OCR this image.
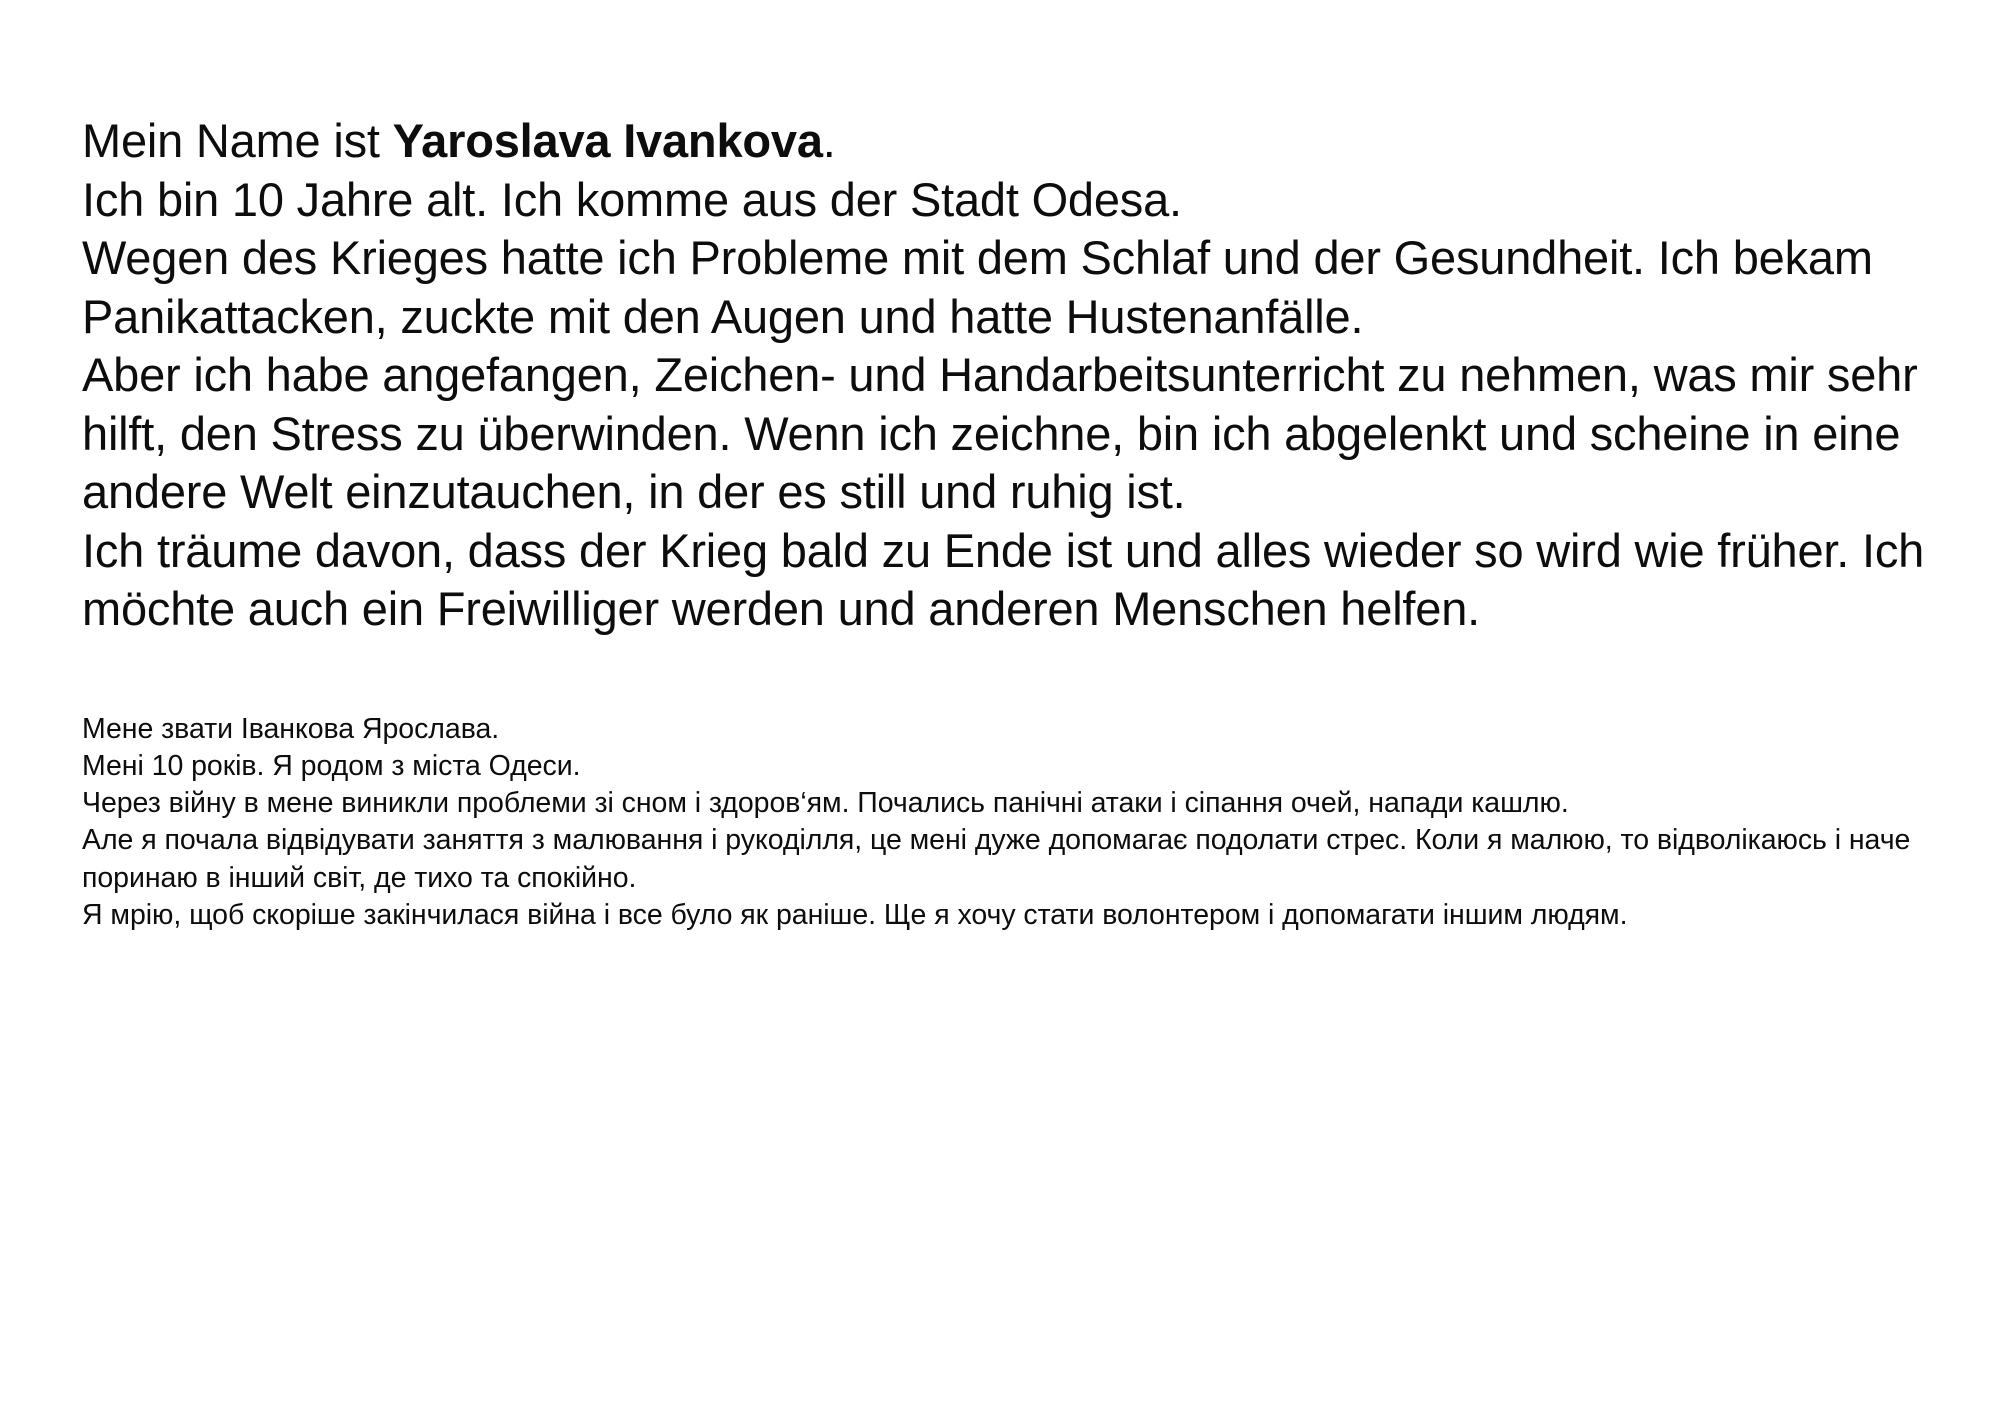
Mein Name ist Yaroslava Ivankova.

Ich bin 10 Jahre alt. Ich komme aus der Stadt Odesa.

Wegen des Krieges hatte ich Probleme mit dem Schlaf und der Gesundheit. Ich bekam Panikattacken, zuckte mit den Augen und hatte Hustenanfälle.

Aber ich habe angefangen, Zeichen- und Handarbeitsunterricht zu nehmen, was mir sehr hilft, den Stress zu überwinden. Wenn ich zeichne, bin ich abgelenkt und scheine in eine andere Welt einzutauchen, in der es still und ruhig ist.

Ich träume davon, dass der Krieg bald zu Ende ist und alles wieder so wird wie früher. Ich möchte auch ein Freiwilliger werden und anderen Menschen helfen.

Мене звати Іванкова Ярослава.

Мені 10 років. Я родом з міста Одеси.

Через війну в мене виникли проблеми зі сном і здоров‘ям. Почались панічні атаки і сіпання очей, напади кашлю.

Але я почала відвідувати заняття з малювання і рукоділля, це мені дуже допомагає подолати стрес. Коли я малюю, то відволікаюсь і наче поринаю в інший світ, де тихо та спокійно.

Я мрію, щоб скоріше закінчилася війна і все було як раніше. Ще я хочу стати волонтером і допомагати іншим людям.
